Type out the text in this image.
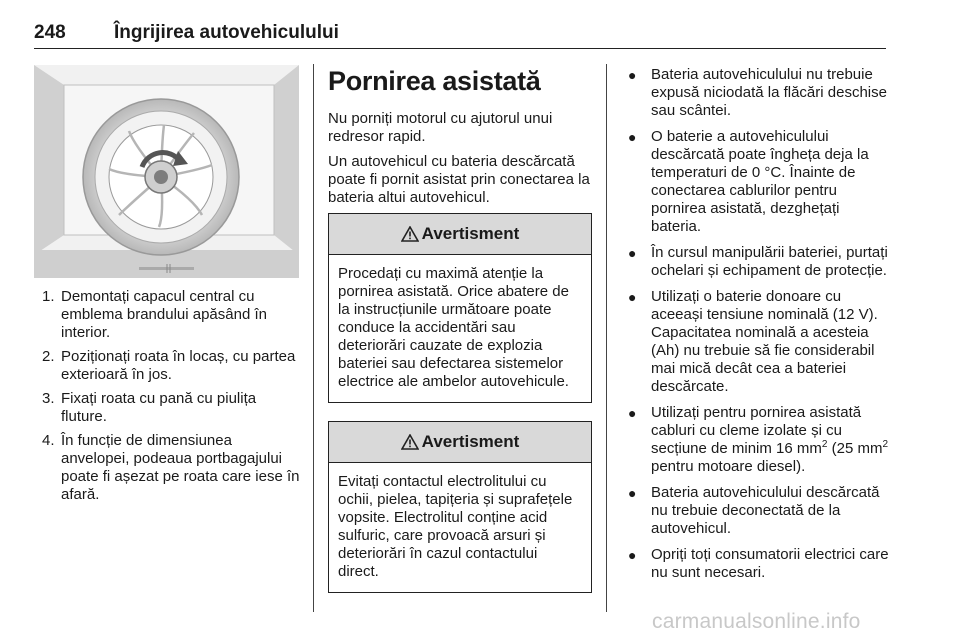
248	Îngrijirea autovehiculului
1. Demontați capacul central cu emblema brandului apăsând în interior.
2. Poziționați roata în locaș, cu partea exterioară în jos.
3. Fixați roata cu pană cu piulița fluture.
4. În funcție de dimensiunea anvelopei, podeaua portbagajului poate fi așezat pe roata care iese în afară.
Pornirea asistată

Nu porniți motorul cu ajutorul unui redresor rapid.

Un autovehicul cu bateria descărcată poate fi pornit asistat prin conectarea la bateria altui autovehicul.

Avertisment
Procedați cu maximă atenție la pornirea asistată. Orice abatere de la instrucțiunile următoare poate conduce la accidentări sau deteriorări cauzate de explozia bateriei sau defectarea sistemelor electrice ale ambelor autovehicule.
Avertisment
Evitați contactul electrolitului cu ochii, pielea, tapițeria și suprafețele vopsite. Electrolitul conține acid sulfuric, care provoacă arsuri și deteriorări în cazul contactului direct.
● Bateria autovehiculului nu trebuie expusă niciodată la flăcări deschise sau scântei.
● O baterie a autovehiculului descărcată poate îngheța deja la temperaturi de 0 °C. Înainte de conectarea cablurilor pentru pornirea asistată, dezghețați bateria.
● În cursul manipulării bateriei, purtați ochelari și echipament de protecție.
● Utilizați o baterie donoare cu aceeași tensiune nominală (12 V). Capacitatea nominală a acesteia (Ah) nu trebuie să fie considerabil mai mică decât cea a bateriei descărcate.
● Utilizați pentru pornirea asistată cabluri cu cleme izolate și cu secțiune de minim 16 $mm^2$ (25 $mm^2$ pentru motoare diesel).
● Bateria autovehiculului descărcată nu trebuie deconectată de la autovehicul.
● Opriți toți consumatorii electrici care nu sunt necesari.
carmanualsonline.info
